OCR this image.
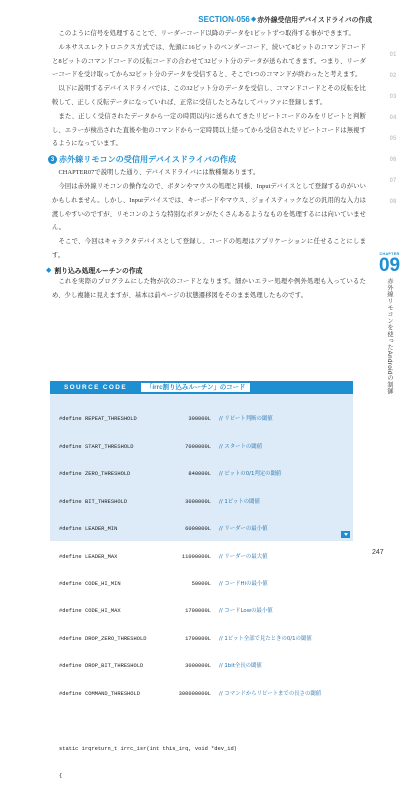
SECTION-056 ◆ 赤外線受信用デバイスドライバの作成

このように信号を処理することで、リーダーコード以降のデータを1ビットずつ取得する事ができます。

ルネサスエレクトロニクス方式では、先頭に16ビットのベンダーコード、続いて8ビットのコマンドコードと8ビットのコマンドコードの反転コードの合わせて32ビット分のデータが送られてきます。つまり、リーダーコードを受け取ってから32ビット分のデータを受信すると、そこで1つのコマンドが終わったと考えます。

以下に説明するデバイスドライバでは、この32ビット分のデータを受信し、コマンドコードとその反転を比較して、正しく反転データになっていれば、正常に受信したとみなしてバッファに登録します。

また、正しく受信されたデータから一定の時間以内に送られてきたリピートコードのみをリピートと判断し、エラーが検出された直後や他のコマンドから一定時間以上経ってから受信されたリピートコードは無視するようになっています。

3 赤外線リモコンの受信用デバイスドライバの作成

CHAPTER07で説明した通り、デバイスドライバには数種類あります。

今回は赤外線リモコンの操作なので、ボタンやマウスの処理と同様、Inputデバイスとして登録するのがいいかもしれません。しかし、Inputデバイスでは、キーボードやマウス、ジョイスティックなどの汎用的な入力は渡しやすいのですが、リモコンのような特別なボタンがたくさんあるようなものを処理するには向いていません。

そこで、今回はキャラクタデバイスとして登録し、コードの処理はアプリケーションに任せることにします。

◆ 割り込み処理ルーチンの作成

これを実際のプログラムにした物が次のコードとなります。細かいエラー処理や例外処理も入っているため、少し複雑に見えますが、基本は前ページの状態遷移図をそのまま処理したものです。

SOURCE CODE	「irrc割り込みルーチン」のコード

#define REPEAT_THRESHOLD	300000L	// リピート判断の閾値

#define START_THRESHOLD	7000000L	// スタートの閾値

#define ZERO_THRESHOLD	840000L	// ビットの0/1判定の閾値

#define BIT_THRESHOLD	3000000L	// 1ビットの閾値

#define LEADER_MIN	6000000L	// リーダーの最小値

#define LEADER_MAX	11000000L	// リーダーの最大値

#define CODE_HI_MIN	50000L	// コードHiの最小値

#define CODE_HI_MAX	1700000L	// コードLowの最小値

#define DROP_ZERO_THRESHOLD	1700000L	// 1ビット全部で見たときの0/1の閾値

#define DROP_BIT_THRESHOLD	3000000L	// 1bit全長の閾値

#define COMMAND_THRESHOLD	300000000L	// コマンドからリピートまでの長さの閾値

static irqreturn_t irrc_isr(int this_irq, void *dev_id)

{

01
02
03
04
05
06
07
08
CHAPTER
09
赤外線リモコンを使ったAndroidの制御
247
